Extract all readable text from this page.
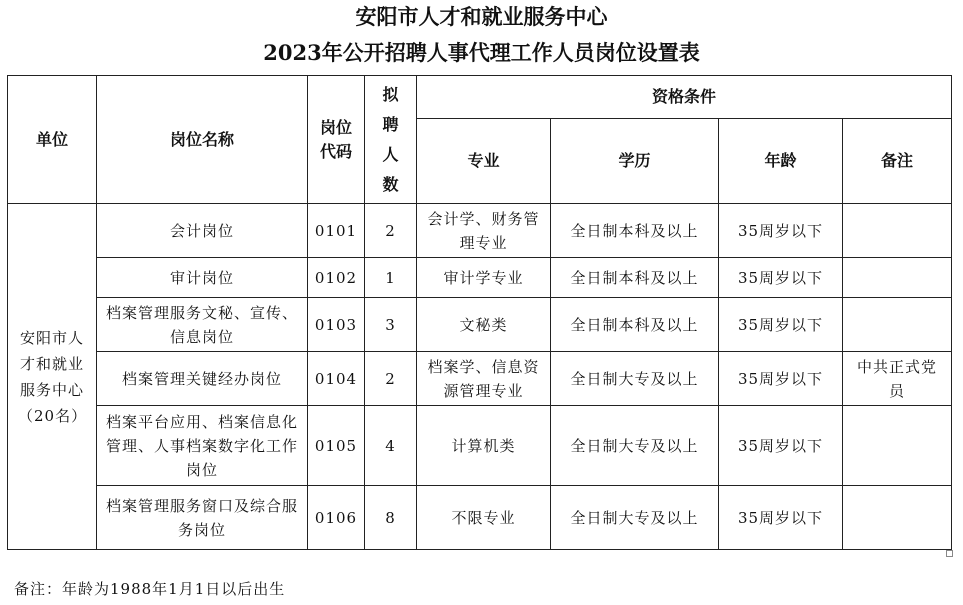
安阳市人才和就业服务中心
2023年公开招聘人事代理工作人员岗位设置表
单位	岗位名称	岗位代码	拟聘人数	资格条件			
				专业	学历	年龄	备注
安阳市人才和就业服务中心（20名）	会计岗位	0101	2	会计学、财务管理专业	全日制本科及以上	35周岁以下	
	审计岗位	0102	1	审计学专业	全日制本科及以上	35周岁以下	
	档案管理服务文秘、宣传、信息岗位	0103	3	文秘类	全日制本科及以上	35周岁以下	
	档案管理关键经办岗位	0104	2	档案学、信息资源管理专业	全日制大专及以上	35周岁以下	中共正式党员
	档案平台应用、档案信息化管理、人事档案数字化工作岗位	0105	4	计算机类	全日制大专及以上	35周岁以下	
	档案管理服务窗口及综合服务岗位	0106	8	不限专业	全日制大专及以上	35周岁以下	
备注：年龄为1988年1月1日以后出生
